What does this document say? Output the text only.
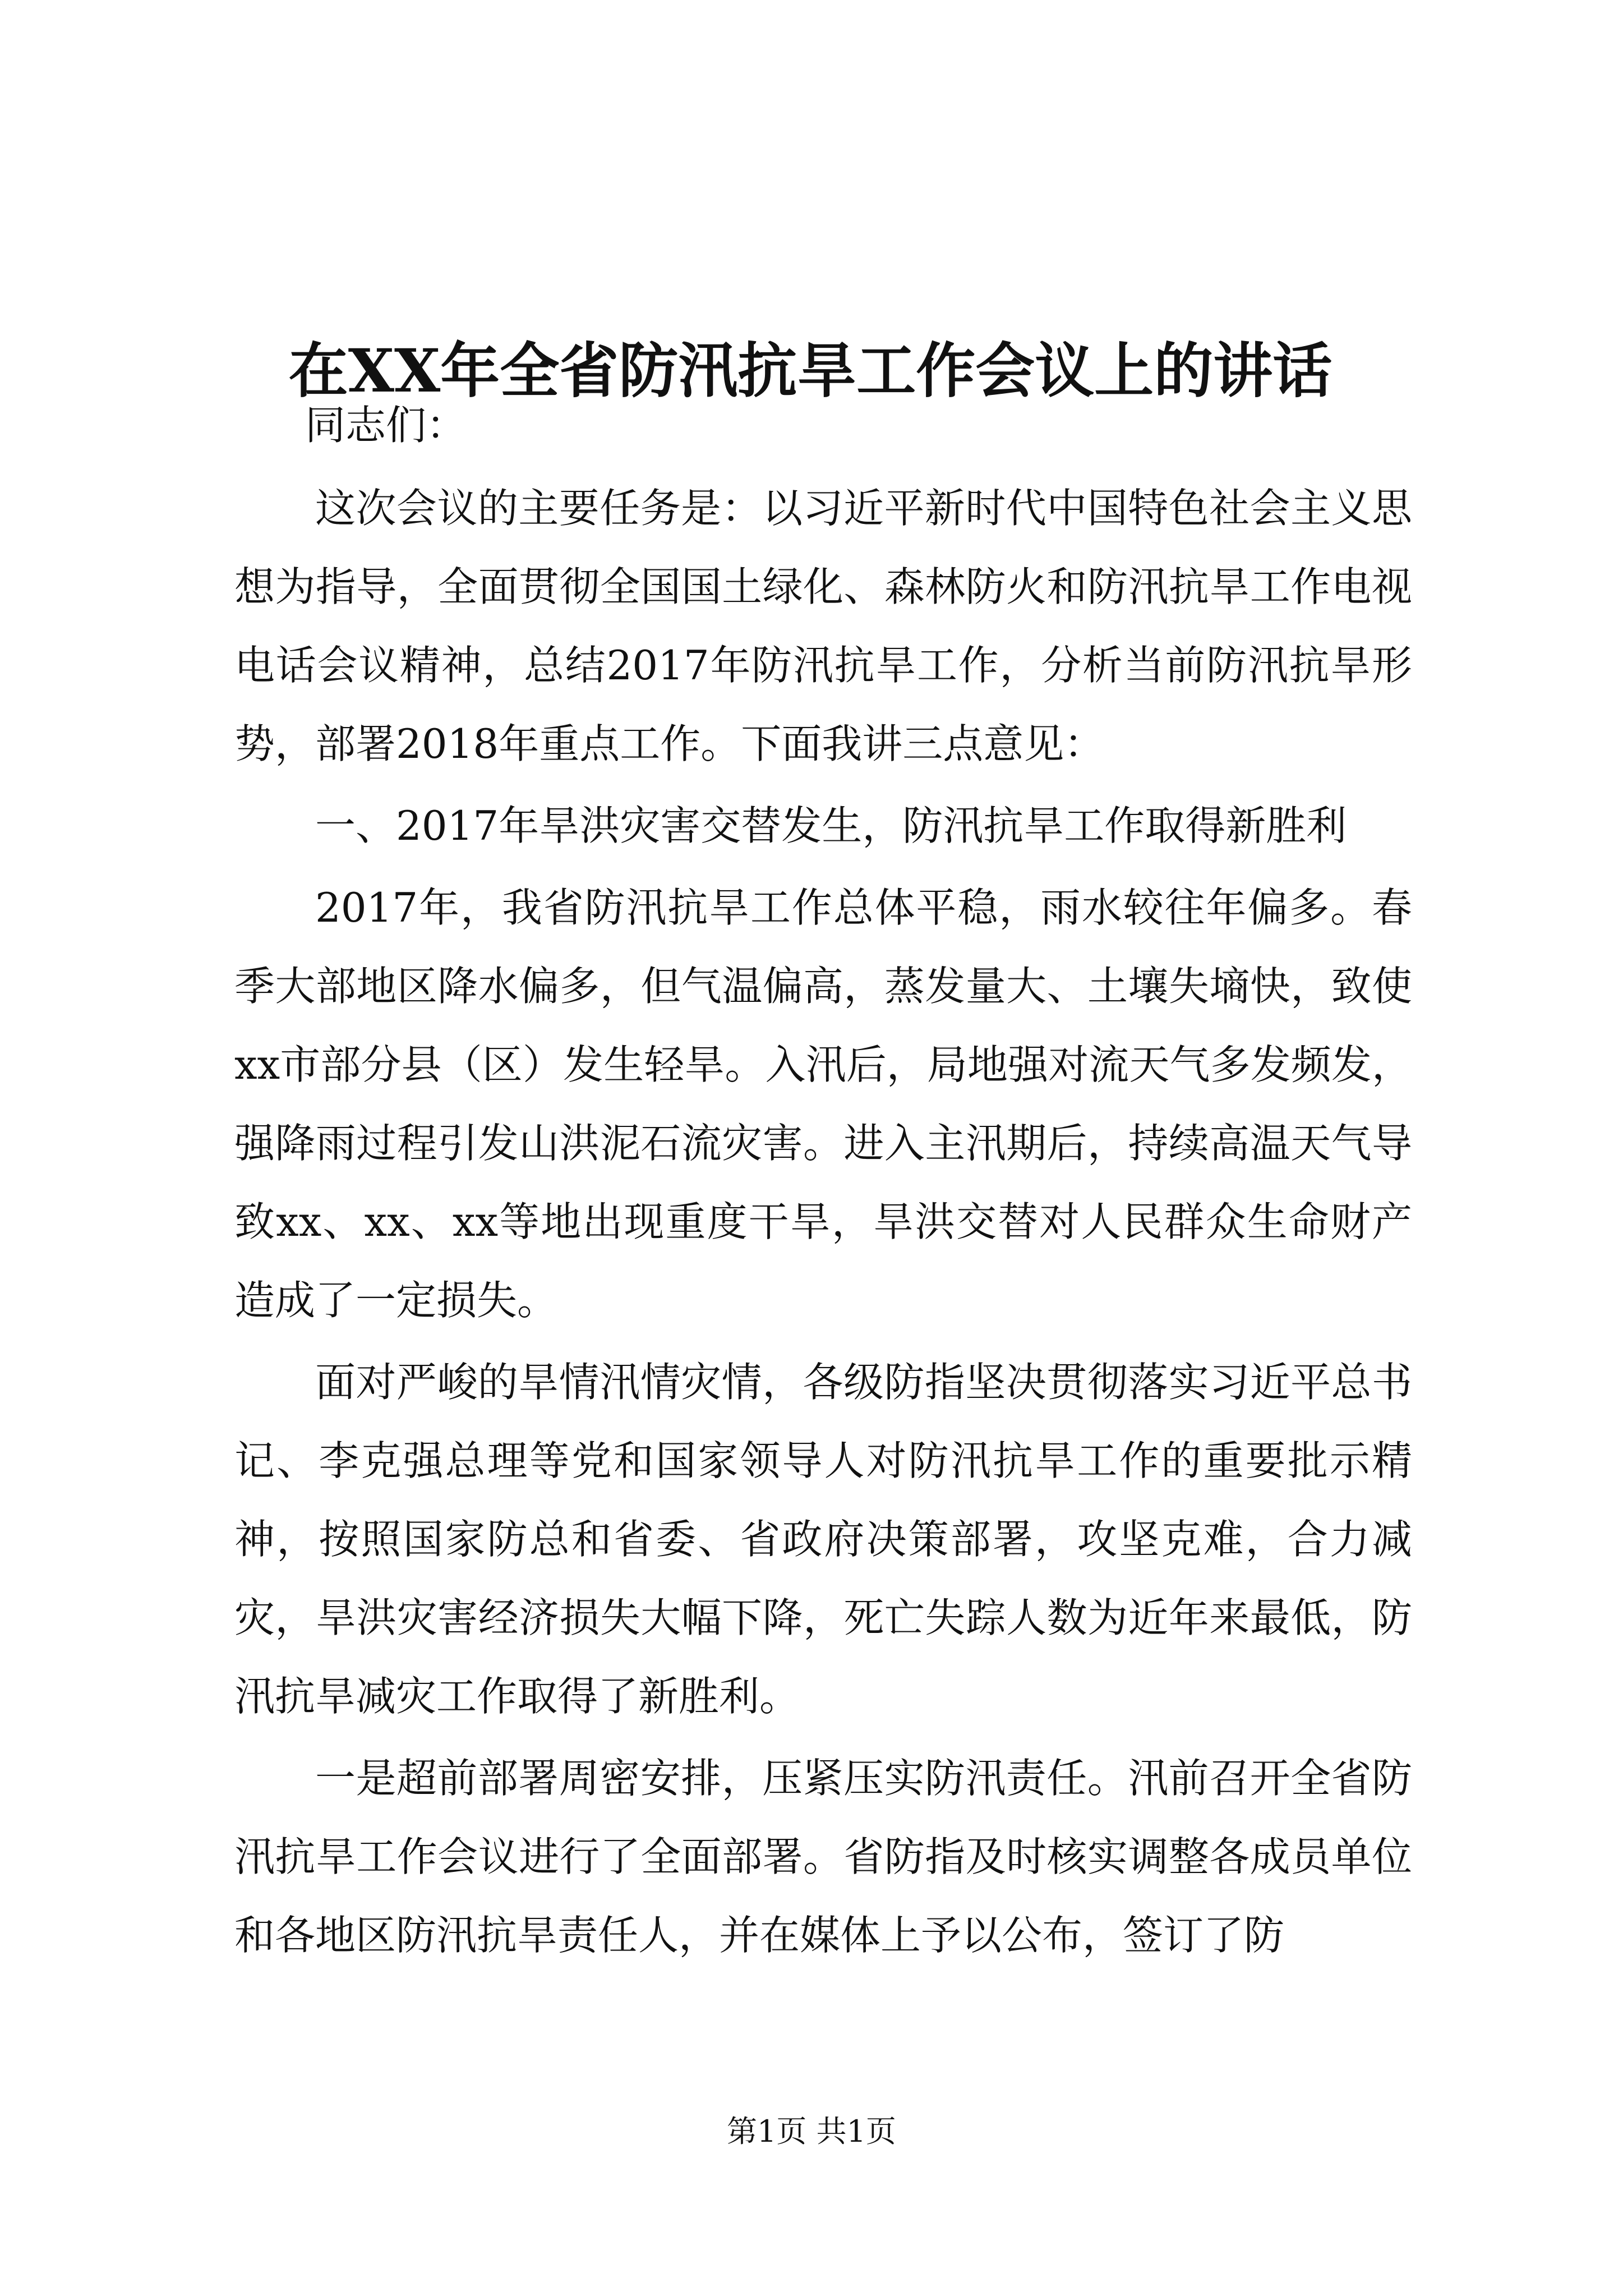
在XX年全省防汛抗旱工作会议上的讲话

同志们：

这次会议的主要任务是：以习近平新时代中国特色社会主义思想为指导，全面贯彻全国国土绿化、森林防火和防汛抗旱工作电视电话会议精神，总结2017年防汛抗旱工作，分析当前防汛抗旱形势，部署2018年重点工作。下面我讲三点意见：

一、2017年旱洪灾害交替发生，防汛抗旱工作取得新胜利

2017年，我省防汛抗旱工作总体平稳，雨水较往年偏多。春季大部地区降水偏多，但气温偏高，蒸发量大、土壤失墒快，致使xx市部分县（区）发生轻旱。入汛后，局地强对流天气多发频发，强降雨过程引发山洪泥石流灾害。进入主汛期后，持续高温天气导致xx、xx、xx等地出现重度干旱，旱洪交替对人民群众生命财产造成了一定损失。

面对严峻的旱情汛情灾情，各级防指坚决贯彻落实习近平总书记、李克强总理等党和国家领导人对防汛抗旱工作的重要批示精神，按照国家防总和省委、省政府决策部署，攻坚克难，合力减灾，旱洪灾害经济损失大幅下降，死亡失踪人数为近年来最低，防汛抗旱减灾工作取得了新胜利。

一是超前部署周密安排，压紧压实防汛责任。汛前召开全省防汛抗旱工作会议进行了全面部署。省防指及时核实调整各成员单位和各地区防汛抗旱责任人，并在媒体上予以公布，签订了防

第1页 共1页
